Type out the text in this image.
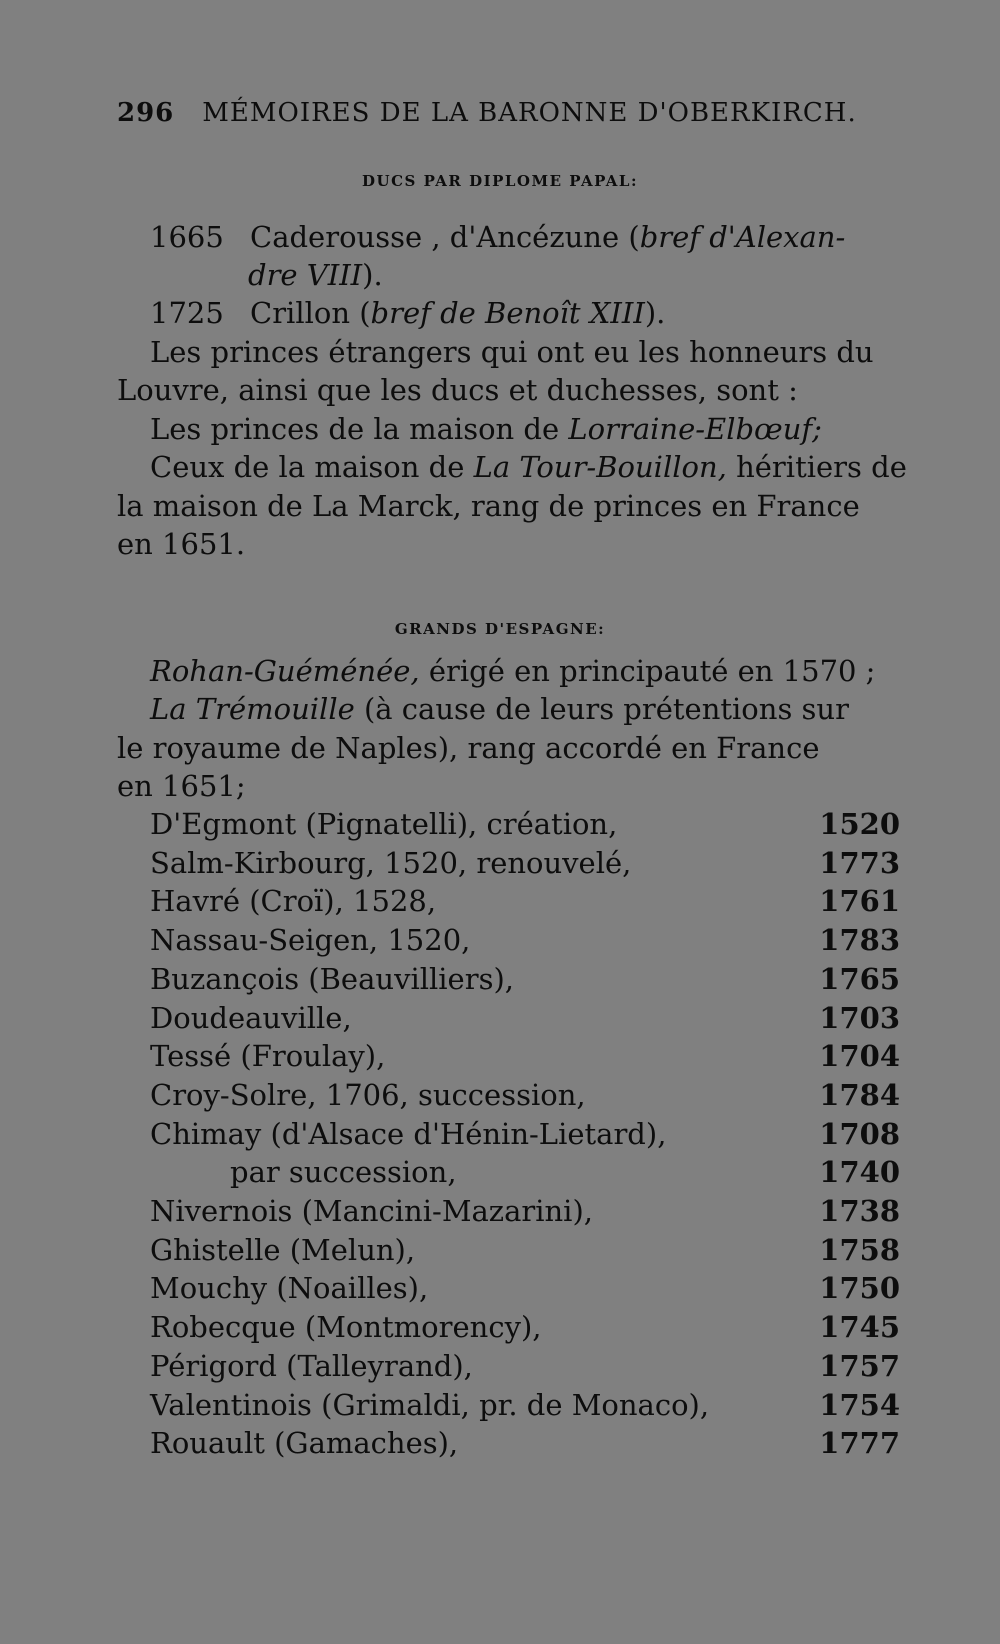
296 MÉMOIRES DE LA BARONNE D'OBERKIRCH.
DUCS PAR DIPLOME PAPAL:
1665 Caderousse , d'Ancézune (bref d'Alexan-
dre VIII).
1725 Crillon (bref de Benoît XIII).
Les princes étrangers qui ont eu les honneurs du
Louvre, ainsi que les ducs et duchesses, sont :
Les princes de la maison de Lorraine-Elbœuf;
Ceux de la maison de La Tour-Bouillon, héritiers de
la maison de La Marck, rang de princes en France
en 1651.
GRANDS D'ESPAGNE:
Rohan-Guéménée, érigé en principauté en 1570 ;
La Trémouille (à cause de leurs prétentions sur
le royaume de Naples), rang accordé en France
en 1651;
D'Egmont (Pignatelli), création,	1520
Salm-Kirbourg, 1520, renouvelé,	1773
Havré (Croï), 1528,	1761
Nassau-Seigen, 1520,	1783
Buzançois (Beauvilliers),	1765
Doudeauville,	1703
Tessé (Froulay),	1704
Croy-Solre, 1706, succession,	1784
Chimay (d'Alsace d'Hénin-Lietard),	1708
par succession,	1740
Nivernois (Mancini-Mazarini),	1738
Ghistelle (Melun),	1758
Mouchy (Noailles),	1750
Robecque (Montmorency),	1745
Périgord (Talleyrand),	1757
Valentinois (Grimaldi, pr. de Monaco),	1754
Rouault (Gamaches),	1777
